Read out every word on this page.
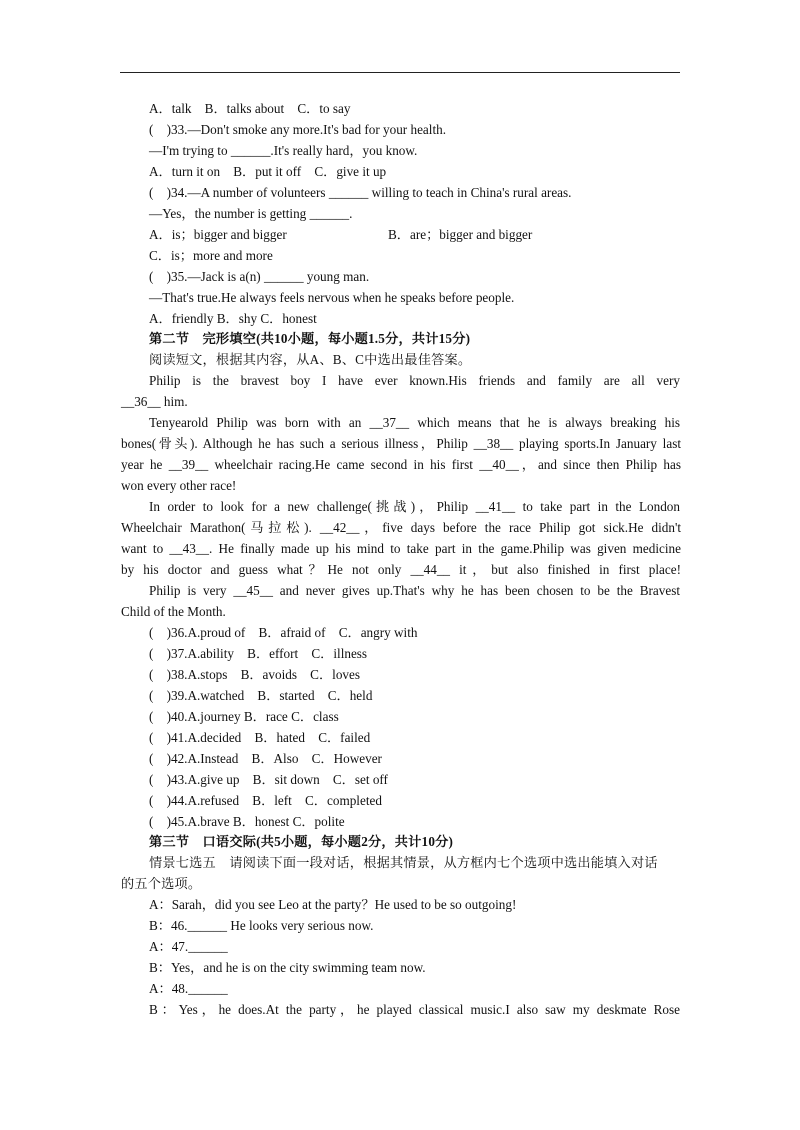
A．talk　B．talks about　C．to say
(　)33.—Don't smoke any more.It's bad for your health.
—I'm trying to ______.It's really hard，you know.
A．turn it on　B．put it off　C．give it up
(　)34.—A number of volunteers ______ willing to teach in China's rural areas.
—Yes，the number is getting ______.
A．is；bigger and bigger	B．are；bigger and bigger
C．is；more and more
(　)35.—Jack is a(n) ______ young man.
—That's true.He always feels nervous when he speaks before people.
A．friendly B．shy C．honest
第二节　完形填空(共10小题，每小题1.5分，共计15分)
阅读短文，根据其内容，从A、B、C中选出最佳答案。
Philip is the bravest boy I have ever known.His friends and family are all very
__36__ him.
Tenyearold Philip was born with an __37__ which means that he is always breaking his
bones(骨头). Although he has such a serious illness，Philip __38__ playing sports.In January last
year he __39__ wheelchair racing.He came second in his first __40__，and since then Philip has
won every other race!
In order to look for a new challenge(挑战)，Philip __41__ to take part in the London
Wheelchair Marathon(马拉松). __42__，five days before the race Philip got sick.He didn't
want to __43__. He finally made up his mind to take part in the game.Philip was given medicine
by his doctor and guess what？He not only __44__ it，but also finished in first place!
Philip is very __45__ and never gives up.That's why he has been chosen to be the Bravest
Child of the Month.
(　)36.A.proud of　B．afraid of　C．angry with
(　)37.A.ability　B．effort　C．illness
(　)38.A.stops　B．avoids　C．loves
(　)39.A.watched　B．started　C．held
(　)40.A.journey B．race C．class
(　)41.A.decided　B．hated　C．failed
(　)42.A.Instead　B．Also　C．However
(　)43.A.give up　B．sit down　C．set off
(　)44.A.refused　B．left　C．completed
(　)45.A.brave B．honest C．polite
第三节　口语交际(共5小题，每小题2分，共计10分)
情景七选五　请阅读下面一段对话，根据其情景，从方框内七个选项中选出能填入对话
的五个选项。
A：Sarah，did you see Leo at the party？He used to be so outgoing!
B：46.______ He looks very serious now.
A：47.______
B：Yes，and he is on the city swimming team now.
A：48.______
B：Yes，he does.At the party，he played classical music.I also saw my deskmate Rose
